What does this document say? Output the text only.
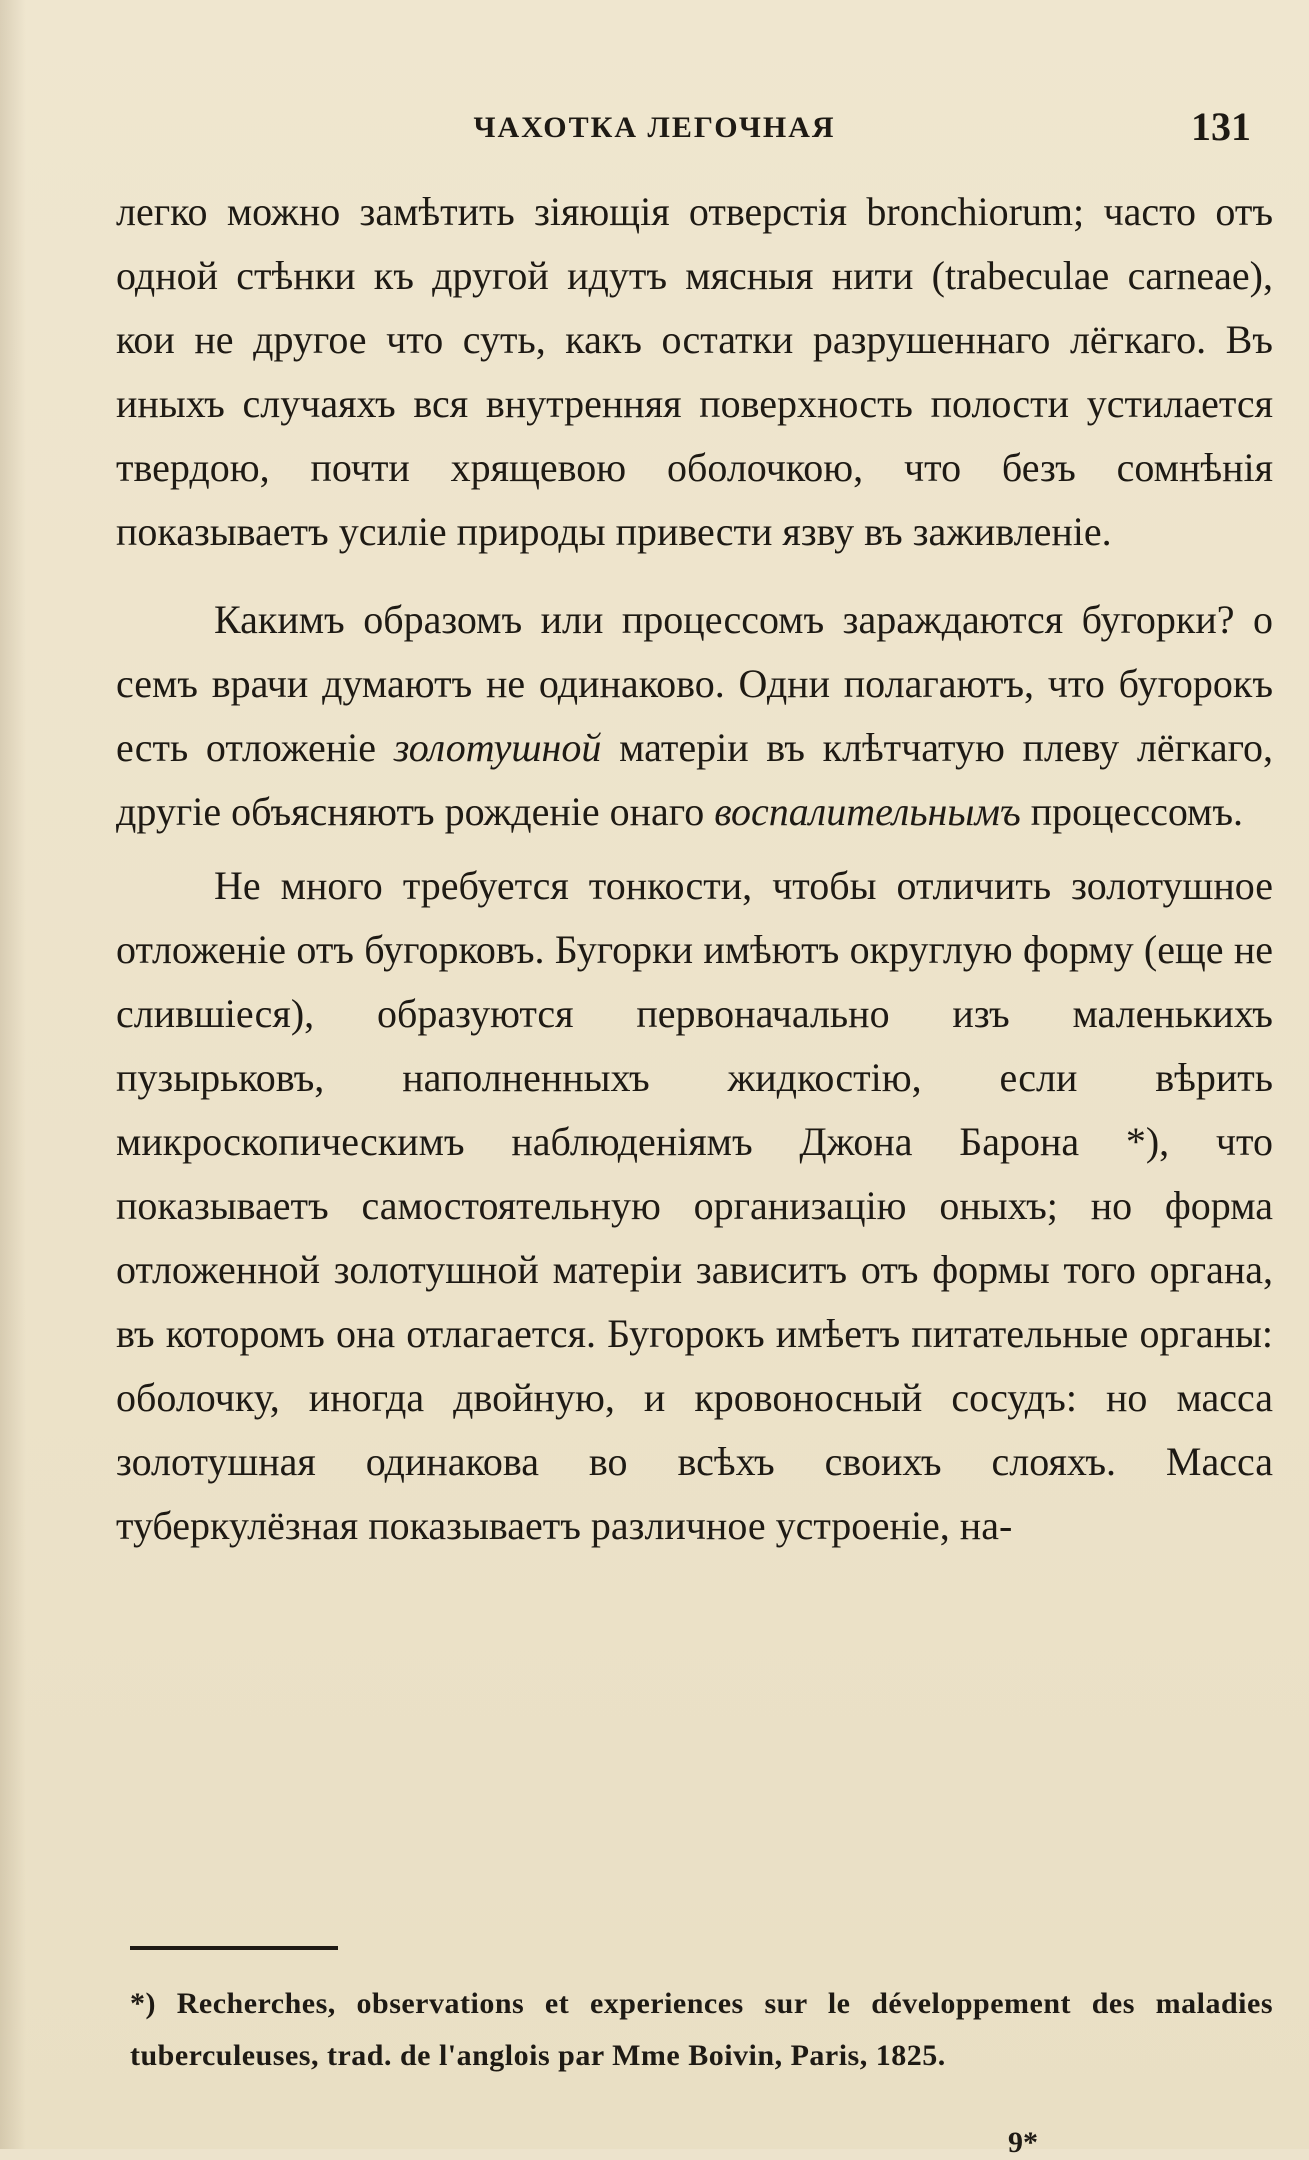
ЧАХОТКА ЛЕГОЧНАЯ	131

легко можно замѣтить зіяющія отверстія bronchiorum; часто отъ одной стѣнки къ другой идутъ мясныя нити (trabeculae carneae), кои не другое что суть, какъ остатки разрушеннаго лёгкаго. Въ иныхъ случаяхъ вся внутренняя поверхность полости устилается твердою, почти хрящевою оболочкою, что безъ сомнѣнія показываетъ усиліе природы привести язву въ заживленіе.

Какимъ образомъ или процессомъ зараждаются бугорки? о семъ врачи думаютъ не одинаково. Одни полагаютъ, что бугорокъ есть отложеніе золотушной матеріи въ клѣтчатую плеву лёгкаго, другіе объясняютъ рожденіе онаго воспалительнымъ процессомъ.

Не много требуется тонкости, чтобы отличить золотушное отложеніе отъ бугорковъ. Бугорки имѣютъ округлую форму (еще не слившіеся), образуются первоначально изъ маленькихъ пузырьковъ, наполненныхъ жидкостію, если вѣрить микроскопическимъ наблюденіямъ Джона Барона *), что показываетъ самостоятельную организацію оныхъ; но форма отложенной золотушной матеріи зависитъ отъ формы того органа, въ которомъ она отлагается. Бугорокъ имѣетъ питательные органы: оболочку, иногда двойную, и кровоносный сосудъ: но масса золотушная одинакова во всѣхъ своихъ слояхъ. Масса туберкулёзная показываетъ различное устроеніе, на-

*) Recherches, observations et experiences sur le développement des maladies tuberculeuses, trad. de l'anglois par Mme Boivin, Paris, 1825.
9*
